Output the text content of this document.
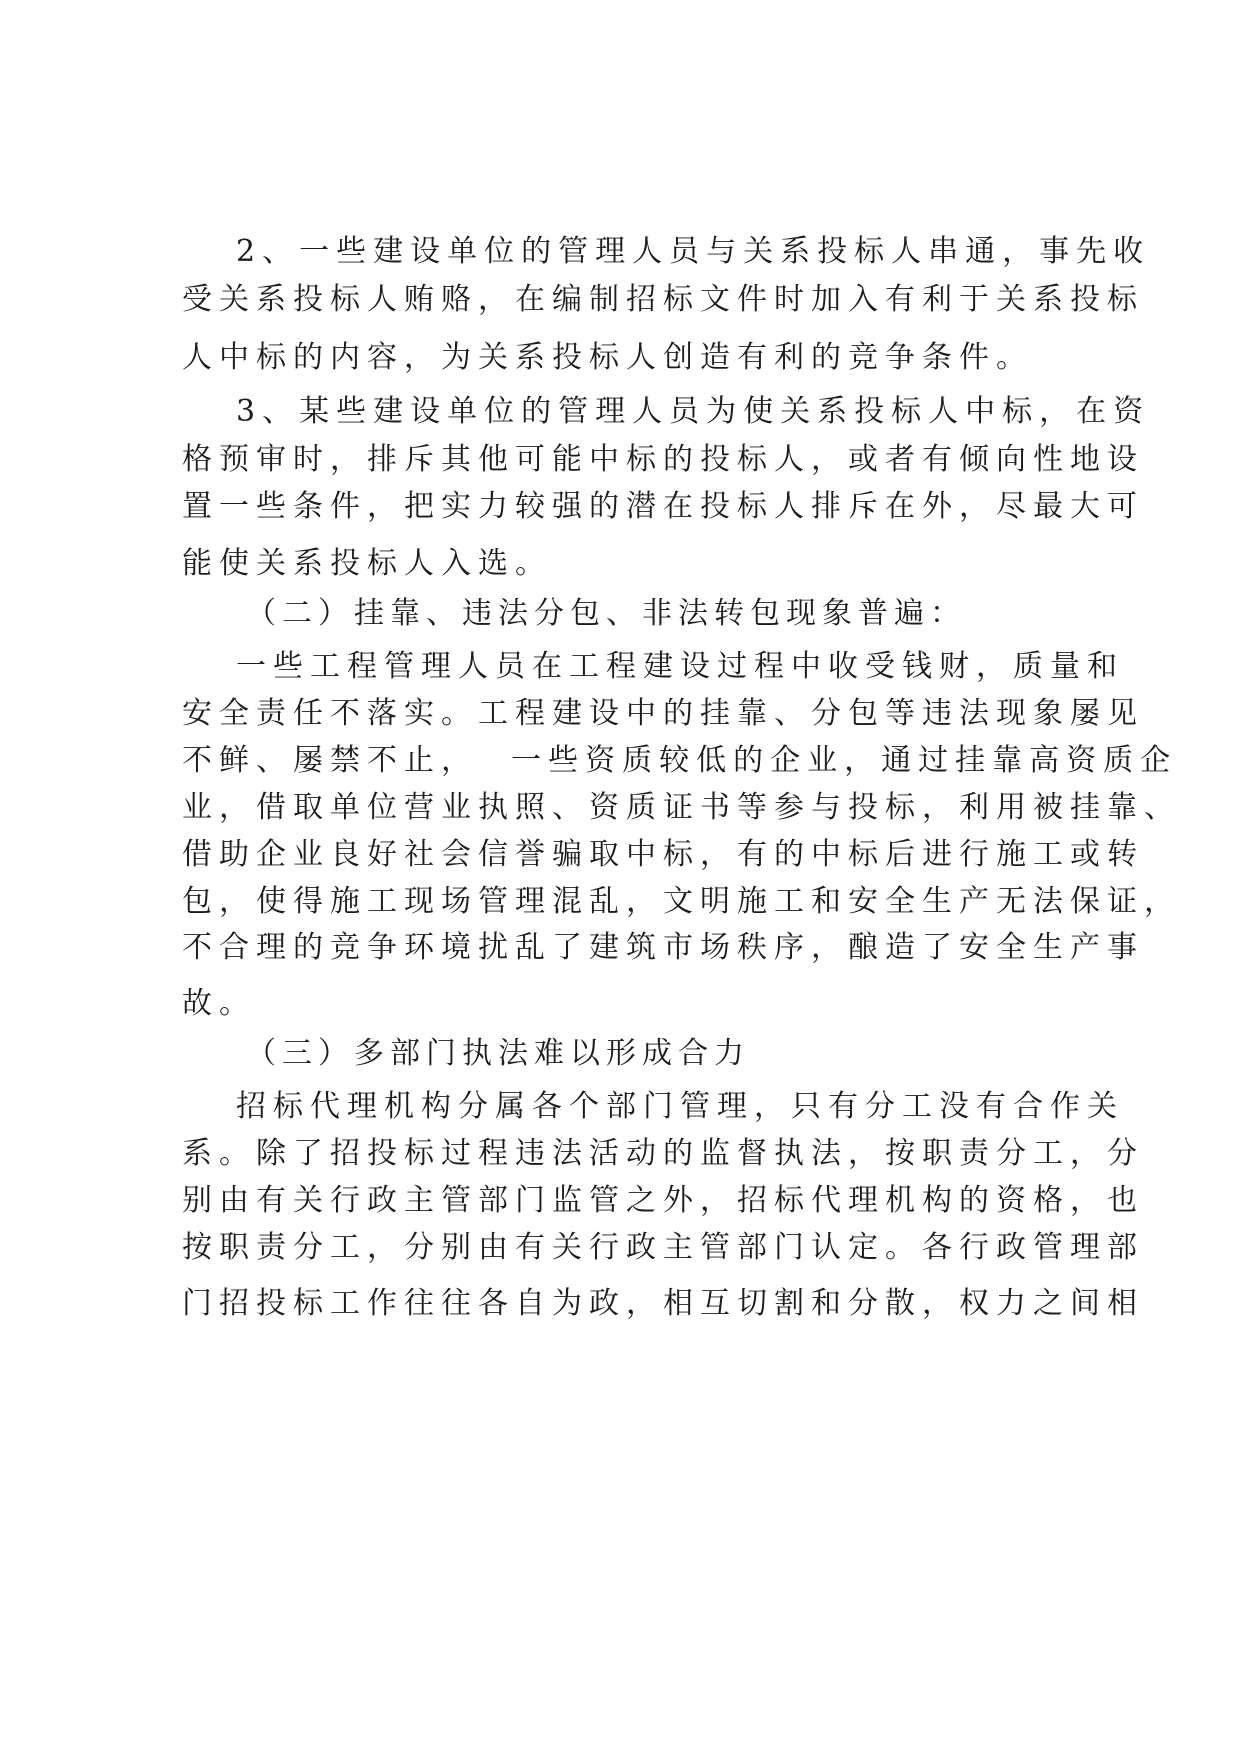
2、一些建设单位的管理人员与关系投标人串通，事先收
受关系投标人贿赂，在编制招标文件时加入有利于关系投标
人中标的内容，为关系投标人创造有利的竞争条件。
3、某些建设单位的管理人员为使关系投标人中标，在资
格预审时，排斥其他可能中标的投标人，或者有倾向性地设
置一些条件，把实力较强的潜在投标人排斥在外，尽最大可
能使关系投标人入选。
（二）挂靠、违法分包、非法转包现象普遍：
一些工程管理人员在工程建设过程中收受钱财，质量和
安全责任不落实。工程建设中的挂靠、分包等违法现象屡见
不鲜、屡禁不止，  一些资质较低的企业，通过挂靠高资质企
业，借取单位营业执照、资质证书等参与投标，利用被挂靠、
借助企业良好社会信誉骗取中标，有的中标后进行施工或转
包，使得施工现场管理混乱，文明施工和安全生产无法保证，
不合理的竞争环境扰乱了建筑市场秩序，酿造了安全生产事
故。
（三）多部门执法难以形成合力
招标代理机构分属各个部门管理，只有分工没有合作关
系。除了招投标过程违法活动的监督执法，按职责分工，分
别由有关行政主管部门监管之外，招标代理机构的资格，也
按职责分工，分别由有关行政主管部门认定。各行政管理部
门招投标工作往往各自为政，相互切割和分散，权力之间相
